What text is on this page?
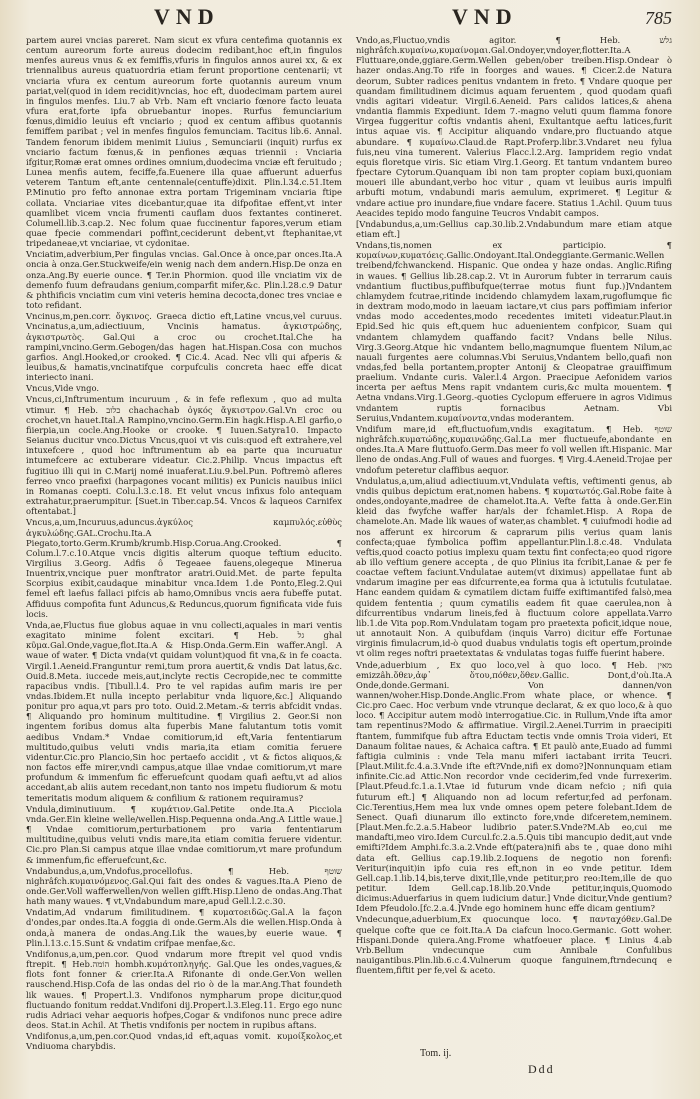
VND	VND	785

partem aurei vncias pareret. Nam sicut ex vfura centefima quotannis ex centum aureorum forte aureus dodecim redibant,hoc eft,in fingulos menfes aureus vnus & ex femiffis,vfuris in fingulos annos aurei xx, & ex triennalibus aureus quatuordria etiam ferunt proportione centenarii; vt vnciaria vfura ex centum aureorum forte quotannis aureum vnum pariat,vel(quod in idem recidit)vncias, hoc eft, duodecimam partem aurei in fingulos menfes. Liu.7 ab Vrb. Nam eft vnciario fœnore facto leuata vfura erat,forte ipfa obruebantur inopes. Rurfus femunciarium fœnus,dimidio leuius eft vnciario ; quod ex centum affibus quotannis femiffem paribat ; vel in menfes fingulos femunciam. Tacitus lib.6. Annal. Tandem fenorum ibidem menimit Liuius , Semunciarii (inquit) rurfus ex vnciario factum fœnus,& in penfiones æquas triennii : Vnciaria ifgitur,Romæ erat omnes ordines omnium,duodecima vnciæ eft feruitudo ; Lunea menfis autem, feciffe,fa.Euenere illa quae affuerunt aduerfus veterem Tantum eft,ante centennale(centuffe)dixit. Plin.l.34.c.51.Item P.Minutio pro fefto annonae extra portam Trigeminam vnciaria ftipe collata. Vnciariae vites dicebantur,quae ita difpofitae effent,vt inter quamlibet vicem vncia frumenti cauflam duos fextantes contineret. Columell.lib.3.cap.2. Nec folum quae fuccinentur fapores,verum etiam quae fpecie commendari poffint,ceciderunt debent,vt ftephanitae,vt tripedaneae,vt vnciariae, vt cydonitae.

Vnciatim,adverbium,Per fingulas vncias. Gal.Once à once,par onces.Ita.A oncia à onza.Ger.Stuckweife/ein wenig nach dem andern.Hisp.De onza en onza.Ang.By euerie ounce. ¶ Ter.in Phormion. quod ille vnciatim vix de demenfo fuum defraudans genium,comparfit mifer,&c. Plin.l.28.c.9 Datur & phthificis vnciatim cum vini veteris hemina decocta,donec tres vnciae e toto refidant.

Vncinus,m,pen.corr. ὄγκινος. Graeca dictio eft,Latine vncus,vel curuus. Vncinatus,a,um,adiectiuum, Vncinis hamatus. ἀγκιστρώδης, ἀγκιστρωτὸς. Gal.Qui a croc ou crochet.Ital.Che ha rampini,vncino.Germ.Gebogen/das hagen hat.Hispan.Cosa con muchos garfios. Angl.Hooked,or crooked. ¶ Cic.4. Acad. Nec vlli qui afperis & leuibus,& hamatis,vncinatifque corpufculis concreta haec effe dicat interiecto inani.

Vncus,Vide vngo.

Vncus,ci,Inftrumentum incuruum , & in fefe reflexum , quo ad multa vtimur. ¶ Heb. כלוב chachachab ὀγκός ἄγκιστρον.Gal.Vn croc ou crochet,vn hauet.Ital.A Rampino,vncino.Germ.Ein hagk.Hisp.A.El garfio,o fiierpia,un cocle.Ang.Hooke or crooke. ¶ Iuuen.Satyra10. Impacto Seianus ducitur vnco.Dictus Vncus,quoi vt vis cuis:quod eft extrahere,vel intuxefcere , quod hoc inftrumentum ab ea parte qua incuruatur intumefcere ac extuberare videatur. Cic.2.Philip. Vncus impactus eft fugitiuo illi qui in C.Marij nomé inuaferat.Liu.9.bel.Pun. Poftremò afleres ferreo vnco praefixi (harpagones vocant militis) ex Punicis nauibus iniici in Romanas coepti. Colu.l.3.c.18. Et velut vncus infixus folo antequam extrahatur,praerumpitur. [Suet.in Tiber.cap.54. Vncos & laqueos Carnifex oftentabat.]

Vncus,a,um,Incuruus,aduncus.ἀγκύλος καμπυλός.εὐθὺς ἀγκυλώδης.GAL.Crochu.Ita.A Piegato,torto.Germ.Krumb/krumb.Hisp.Corua.Ang.Crooked. ¶ Colum.l.7.c.10.Atque vncis digitis alterum quoque teftium educito. Virgilius 3.Georg. Adfis ô Tegeaee fauens,olegeque Minerua Inuentrix,vncique puer monftrator aratri.Ouid.Met. de parte fepulta Scorpius exibit,caudaque minabitur vnca.Idem 1.de Ponto,Eleg.2.Qui femel eft laefus fallaci pifcis ab hamo,Omnibus vncis aera fubeffe putat. Affiduus compofita funt Aduncus,& Reduncus,quorum fignificata vide fuis locis.

Vnda,ae,Fluctus fiue globus aquae in vnu collecti,aquales in mari ventis exagitato minime folent excitari. ¶ Heb. גל ghal κῦμα.Gal.Onde,vague,flot.Ita.A & Hisp.Onda.Germ.Ein waffer.Angl. A waue of water. ¶ Dicta vnda(vt quidam volunt)quod fit vna,& in fe coacta. Virgil.1.Aeneid.Franguntur remi,tum prora auertit,& vndis Dat latus,&c. Ouid.8.Meta. iuccede meis,aut,inclyte rectis Cecropide,nec te committe rapacibus vndis. [Tibull.l.4. Pro te vel rapidas aufim maris ire per vndas.Ibidem.Et nulla incepto perlabitur vnda liquore,&c.] Aliquando ponitur pro aqua,vt pars pro toto. Ouid.2.Metam.-& terris abfcidit vndas. ¶ Aliquando pro hominum multitudine. ¶ Virgilius 2. Geor.Si non ingentem foribus domus alta fuperbis Mane falutantum totis vomit aedibus Vndam.* Vndae comitiorum,id eft,Varia fententiarum multitudo,quibus veluti vndis maria,ita etiam comitia feruere videntur.Cic.pro Plancio,Sin hoc pertaefo accidit , vt & fictos aliquos,& non factos effe mirer,vndi campus,atque illae vndae comitiorum,vt mare profundum & immenfum fic efferuefcunt quodam quafi aeftu,vt ad alios accedant,ab aliis autem recedant,non tanto nos impetu fludiorum & motu temeritatis modum aliquem & confilium & rationem requiramus?

Vndula,diminutiuum. ¶ κυμάτιον.Gal.Petite onde.Ita.A Picciola vnda.Ger.Ein kleine welle/wellen.Hisp.Pequenna onda.Ang.A Little waue.] ¶ Vndae comitiorum,perturbationem pro varia fententiarum multitudine,quibus veluti vndis mare,ita etiam comitia feruere videntur. Cic.pro Plan.Si campus atque illae vndae comitiorum,vt mare profundum & immenfum,fic efferuefcunt,&c.

Vndabundus,a,um,Vndofus,procellofus. ¶ Heb. שוטף nighrâfch.κυμαινόμενος.Gal.Qui fait des ondes & vagues.Ita.A Pieno de onde.Ger.Voll wafferwellen/von wellen gifft.Hisp.Lleno de ondas.Ang.That hath many waues. ¶ vt,Vndabundum mare,apud Gell.l.2.c.30.

Vndatim,Ad vndarum fimilitudinem. ¶ κυματοειδῶς.Gal.A la façon d'ondes,par ondes.Ita.A foggia di onde.Germ.Als die wellen.Hisp.Onda à onda,à manera de ondas.Ang.Lik the waues,by euerie waue. ¶ Plin.l.13.c.15.Sunt & vndatim crifpae menfae,&c.

Vndifonus,a,um,pen.cor. Quod vndarum more ftrepit vel quod vndis ftrepit. ¶ Heb.הוֹמה hombh.κυμάτοπληγής. Gal.Que les ondes,vagues,& flots font fonner & crier.Ita.A Rifonante di onde.Ger.Von wellen rauschend.Hisp.Cofa de las ondas del rio ò de la mar.Ang.That foundeth lik waues. ¶ Propert.l.3. Vndifonos nympharum prope dicitur,quod fluctuando fonitum reddat.Vndifoni dij.Propert.l.3.Eleg.11. Ergo ego nunc rudis Adriaci vehar aequoris hofpes,Cogar & vndifonos nunc prece adire deos. Stat.in Achil. At Thetis vndifonis per noctem in rupibus aftans.

Vndifonus,a,um,pen.cor.Quod vndas,id eft,aquas vomit. κυμοίξκολος,et Vndiuoma charybdis.

Vndo,as,Fluctuo,vndis agitor. ¶ Heb. גלש nighrâfch.κυμαίνω,κυμαίνομαι.Gal.Ondoyer,vndoyer,flotter.Ita.A Fluttuare,onde,ggiare.Germ.Wellen geben/ober treiben.Hisp.Ondear ò hazer ondas.Ang.To rife in foorges and waues. ¶ Cicer.2.de Natura deorum, Subter radices penitus vndantem in freto. ¶ Vndare quoque per quandam fimilitudinem dicimus aquam feruentem , quod quodam quafi vndis agitari videatur. Virgil.6.Aeneid. Pars calidos latices,& ahena vndantia flammis Expediunt. Idem 7.-magno veluti quum flamma fonore Virgea fuggeritur coftis vndantis aheni, Exultantque aeftu latices,furit intus aquae vis. ¶ Accipitur aliquando vndare,pro fluctuando atque abundare. ¶ κυμαίνω.Claud.de Rapt.Proferp.libr.3.Vndaret neu fylua fuis,neu vina tumerent. Valerius Flacc.l.2.Arg. Iampridem regio vndat equis floretque viris. Sic etiam Virg.1.Georg. Et tantum vndantem bureo fpectare Cytorum.Quanquam ibi non tam propter copiam buxi,quoniam moueri ille abundant,verbo hoc vitur , quam vt leuibus auris impulfi arbufti motum, vndabundi maris aemulum, exprimeret. ¶ Legitur & vndare actiue pro inundare,fiue vndare facere. Statius 1.Achil. Quum tuus Aeacides tepido modo fanguine Teucros Vndabit campos.

[Vndabundus,a,um:Gellius cap.30.lib.2.Vndabundum mare etiam atque etiam eft.]

Vndans,tis,nomen ex participio. ¶ κυμαίνων,κυματόεις.Gallic.Ondoyant.Ital.Ondeggiante.Germanic.Wellen treibend/fchwanckend. Hispanic. Que ondea y haze ondas. Anglic.Rifing in waues. ¶ Gellius lib.28.cap.2. Vt in Aurorum fubter in terrarum cauis vndantium fluctibus,puffibufque(terrae motus fiunt fup.)]Vndantem chlamydem fcutrae,ritinde incidendo chlamydem laxam,rugoflumque fic in dextram modo,modo in laeuam iactare,vt cius pars poffimiam inferior vndas modo accedentes,modo recedentes imiteti videatur.Plaut.in Epid.Sed hic quis eft,quem huc aduenientem confpicor, Suam qui vndantem chlamydem quaffando facit? Vndans belle Nilus. Virg.3.Georg.Atque hic vndantem bello,magnumque fluentem Nilum,ac nauali furgentes aere columnas.Vbi Seruius,Vndantem bello,quafi non vndas,fed bella portantem,propter Antonij & Cleopatrae grauiffimum praelium. Vndante curis. Valer.l.4 Argon. Praecipue Aefonidem varios incerta per aeftus Mens rapit vndantem curis,&c multa mouentem. ¶ Aetna vndans.Virg.1.Georg.-quoties Cyclopum efferuere in agros Vidimus vndantem ruptis fornacibus Aetnam. Vbi Seruius,Vndantem.κυμαίνοντα,vndas moderantem.

Vndifum mare,id eft,fluctuofum,vndis exagitatum. ¶ Heb. שוטף nighrâfch.κυματώδης,κυμαινώδης.Gal.La mer fluctueufe,abondante en ondes.Ita.A Mare fluttuofo.Germ.Das meer fo voll wellen ift.Hispanic. Mar lleno de ondas.Ang.Full of waues and fuorges. ¶ Virg.4.Aeneid.Trojae per vndofum peteretur claffibus aequor.

Vndulatus,a,um,aliud adiectiuum.vt,Vndulata veftis, veftimenti genus, ab vndis quibus depictum erat,nomen habens. ¶ κυματωτός.Gal.Robe faite à ondes,ondoyante,madree de chamelot.Ita.A. Vefte fatta à onde.Ger.Ein kleid das fwyfche waffer har/als der fchamlet.Hisp. A Ropa de chamelote.An. Made lik waues of water,as chamblet. ¶ cuiufmodi hodie ad nos afferunt ex hircorum & caprarum pilis verius quam lanis confecta;quae fymbolica poffim appellantur.Plin.l.8.c.48. Vndulata veftis,quod coacto potius implexu quam textu fint confecta;eo quod rigore ab illo veftium genere accepta , de quo Plinius ita fcribit,Lanae & per fe coactae veftem faciunt.Vndulatae autem(vt diximus) appellatae funt ab vndarum imagine per eas difcurrente,ea forma qua à ictutulis fcutulatae. Hanc eandem quidam & cymatilem dictam fuiffe exiftimantifed falsò,mea quidem fententia ; quum cymatilis eadem fit quae caerulea,non à difcurrentibus vndarum lineis,fed à fluctuum colore appellata.Varro lib.1.de Vita pop.Rom.Vndulatam togam pro praetexta poficit,idque noue, ut annotauit Non. A quibufdam (inquis Varro) dicitur effe Fortunae virginis fimulacrum,id-ò quod duabus vndulatis togis eft opertum,proinde vt olim reges noftri praetextatas & vndulatas togas fuiffe fuerint habere.

Vnde,aduerbium , Ex quo loco,vel à quo loco. ¶ Heb. מאין emizzâh.ὅθεν,ἀφ᾽ ὅτου,πόθεν,ὅθεν.Gallic. Dont,d'où.Ita.A Onde,donde.Germani. Von dannen/von wannen/woher.Hisp.Donde.Anglic.From whate place, or whence. ¶ Cic.pro Caec. Hoc verbum vnde vtrunque declarat, & ex quo loco,& à quo loco. ¶ Accipitur autem modò interrogatiue.Cic. in Rullum,Vnde ifta amor tam repentinus?Modo & affirmatiue. Virgil.2.Aenei.Turrim in praecipiti ftantem, fummifque fub aftra Eductam tectis vnde omnis Troia videri, Et Danaum folitae naues, & Achaica caftra. ¶ Et paulò ante,Euado ad fummi faftigia culminis : vnde Tela manu miferi iactabant irrita Teucri. [Plaut.Milit.fc.4.a.3.Vnde ifte eft?Vnde,nifi ex domo?]Nonnunquam etiam infinite.Cic.ad Attic.Non recordor vnde ceciderim,fed vnde furrexerim. [Plaut.Pfeud.fc.1.a.1.Vtae id futurum vnde dicam nefcio ; nifi quia futurum eft.] ¶ Aliquando non ad locum refertur,fed ad perfonam. Cic.Terentius,Hem mea lux vnde omnes opem petere folebant.Idem de Senect. Quafi diunarum illo extincto fore,vnde difceretem,neminem.[Plaut.Men.fc.2.a.5.Habeor ludibrio pater.S.Vnde?M.Ab eo,cui me mandafti,meo viro.Idem Curcul.fc.2.a.5.Quis tibi mancupio dedit,aut vnde emifti?Idem Amphi.fc.3.a.2.Vnde eft(patera)nifi abs te , quae dono mihi data eft. Gellius cap.19.lib.2.Ioquens de negotio non forenfi: Veritur(inquit)in ipfo cuia res eft,non in eo vnde petitur. Idem Gell.cap.1.lib.14,bis,terve dixit,Ille,vnde petitur,pro reo:Item,ille de quo petitur. Idem Gell.cap.18.lib.20.Vnde petitur,inquis,Quomodo dicimus:Aduerfarius in quem iudicium datur.] Vnde dicitur,Vnde gentium? Idem Pfeudolo.[fc.2.a.4.]Vnde ego hominem hunc effe dicam gentium?

Vndecunque,aduerbium,Ex quocunque loco. ¶ πανταχόθεν.Gal.De quelque cofte que ce foit.Ita.A Da ciafcun lnoco.Germanic. Gott woher. Hispani.Donde quiera.Ang.Frome whatfoeuer place. ¶ Linius 4.ab Vrb.Bellum vndecunque cum Annibale Confulibus nauigantibus.Plin.lib.6.c.4.Vulnerum quoque fanguinem,ftrndecunq e fluentem,fiftit per fe,vel & aceto.

Tom. ij.
Ddd
